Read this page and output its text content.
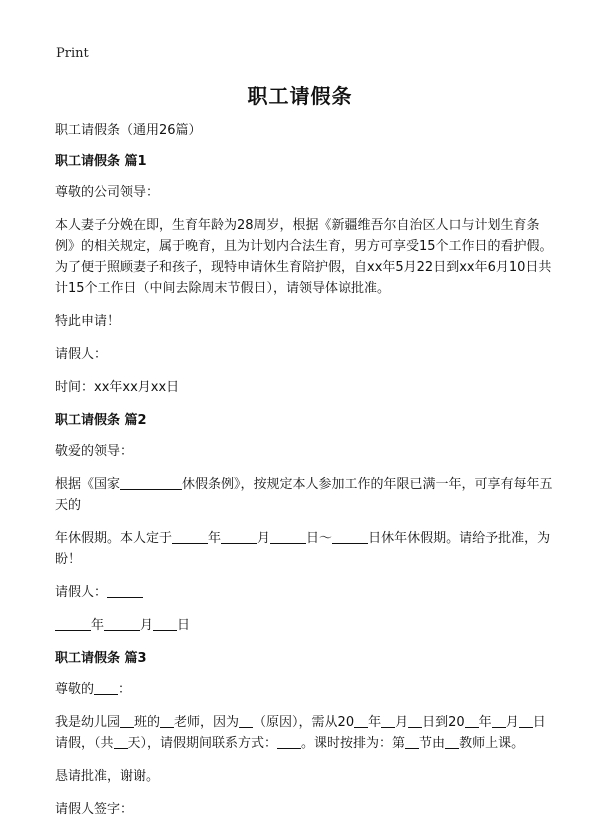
Print
职工请假条

职工请假条（通用26篇）

职工请假条 篇1

尊敬的公司领导：

本人妻子分娩在即，生育年龄为28周岁，根据《新疆维吾尔自治区人口与计划生育条例》的相关规定，属于晚育，且为计划内合法生育，男方可享受15个工作日的看护假。为了便于照顾妻子和孩子，现特申请休生育陪护假，自xx年5月22日到xx年6月10日共计15个工作日（中间去除周末节假日），请领导体谅批准。

特此申请！

请假人：

时间：xx年xx月xx日

职工请假条 篇2

敬爱的领导：

根据《国家	休假条例》，按规定本人参加工作的年限已满一年，可享有每年五天的

年休假期。本人定于	年	月	日～	日休年休假期。请给予批准，为盼！

请假人：

年	月 日

职工请假条 篇3

尊敬的 ：

我是幼儿园 班的 老师，因为 （原因），需从20 年 月 日到20 年 月 日请假，（共 天），请假期间联系方式： 。课时按排为：第 节由 教师上课。

恳请批准，谢谢。

请假人签字：
